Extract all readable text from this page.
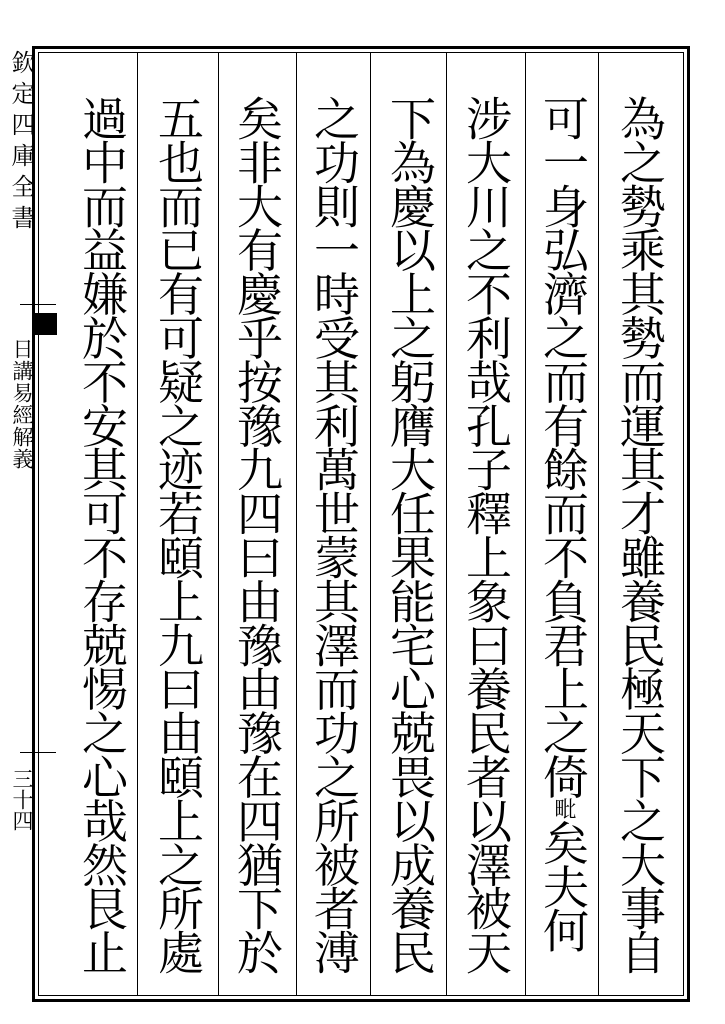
欽定四庫全書
日講易經解義
三十四	為之勢乘其勢而運其才雖養民極天下之大事自
可一身弘濟之而有餘而不負君上之倚毗矣夫何
涉大川之不利哉孔子釋上象曰養民者以澤被天
下為慶以上之躬膺大任果能宅心兢畏以成養民
之功則一時受其利萬世蒙其澤而功之所被者溥
矣非大有慶乎按豫九四曰由豫由豫在四猶下於
五也而已有可疑之迹若頤上九曰由頤上之所處
過中而益嫌於不安其可不存兢惕之心哉然艮止
